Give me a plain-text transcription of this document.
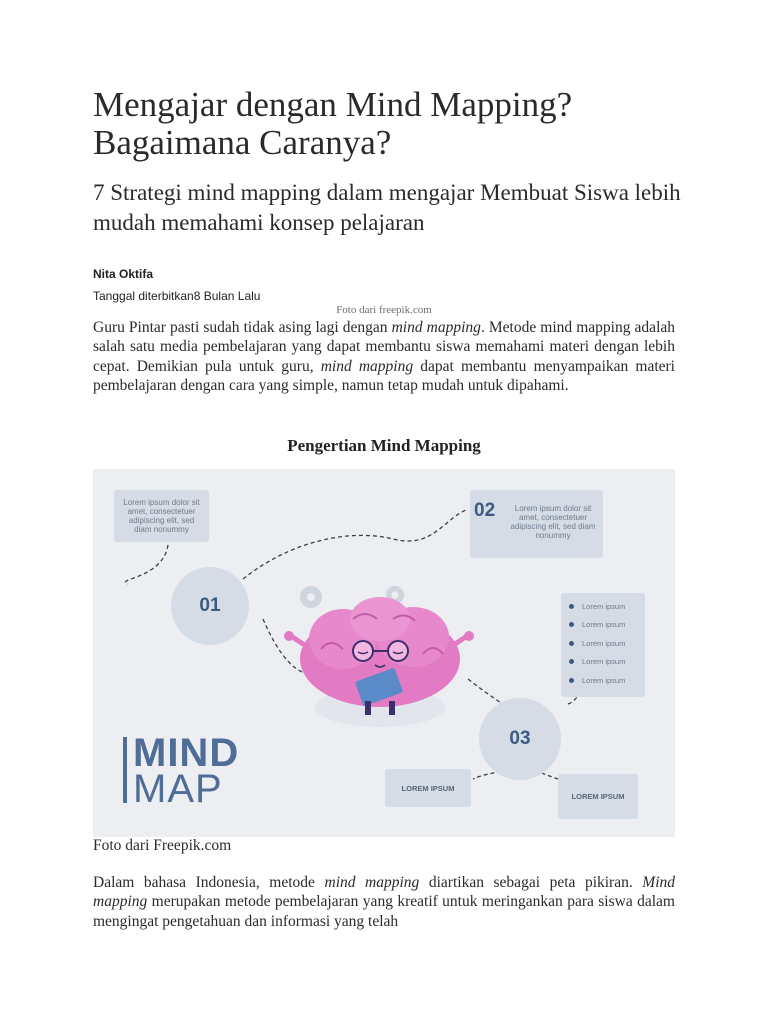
Mengajar dengan Mind Mapping? Bagaimana Caranya?

7 Strategi mind mapping dalam mengajar Membuat Siswa lebih mudah memahami konsep pelajaran

Nita Oktifa
Tanggal diterbitkan8 Bulan Lalu
Foto dari freepik.com

Guru Pintar pasti sudah tidak asing lagi dengan mind mapping. Metode mind mapping adalah salah satu media pembelajaran yang dapat membantu siswa memahami materi dengan lebih cepat. Demikian pula untuk guru, mind mapping dapat membantu menyampaikan materi pembelajaran dengan cara yang simple, namun tetap mudah untuk dipahami.

Pengertian Mind Mapping
Lorem ipsum dolor sit amet, consectetuer adipiscing elit, sed diam nonummy
01
02	Lorem ipsum dolor sit amet, consectetuer adipiscing elit, sed diam nonummy
Lorem ipsum
Lorem ipsum
Lorem ipsum
Lorem ipsum
Lorem ipsum
03
LOREM IPSUM
LOREM IPSUM
MIND
MAP
Foto dari Freepik.com

Dalam bahasa Indonesia, metode mind mapping diartikan sebagai peta pikiran. Mind mapping merupakan metode pembelajaran yang kreatif untuk meringankan para siswa dalam mengingat pengetahuan dan informasi yang telah
